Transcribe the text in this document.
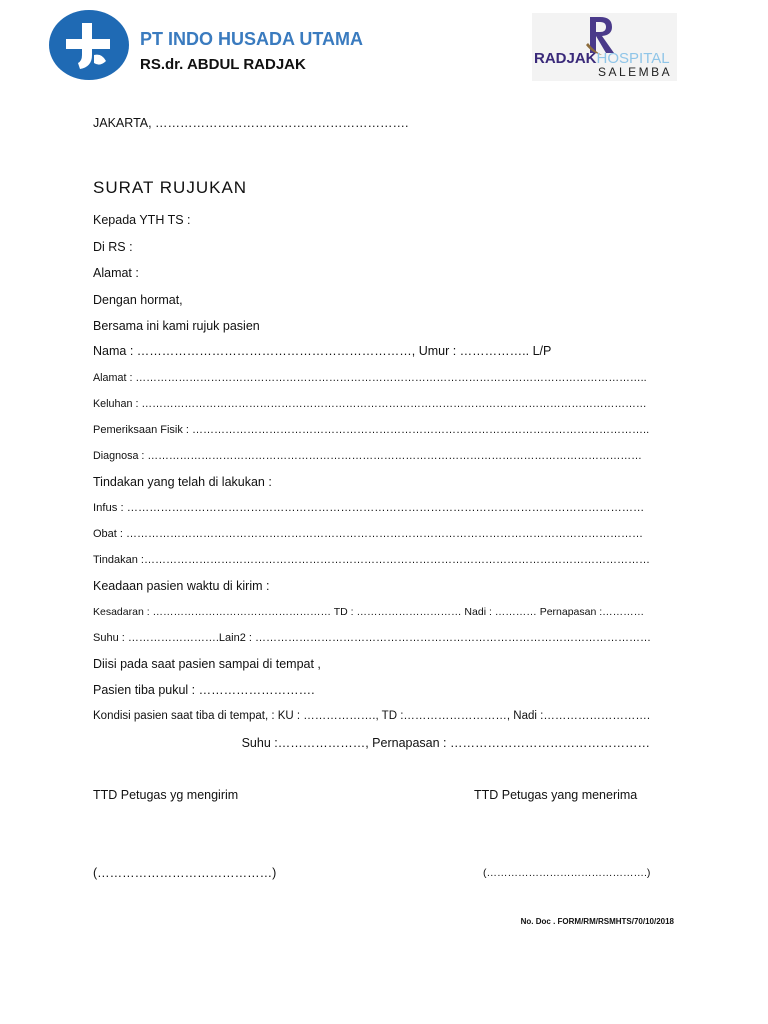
PT INDO HUSADA UTAMA
RS.dr. ABDUL RADJAK	RADJAKHOSPITAL
SALEMBA
JAKARTA, …………………………………………………….
SURAT RUJUKAN
Kepada YTH TS :
Di RS :
Alamat :
Dengan hormat,
Bersama ini kami rujuk pasien
Nama : …………………………………………………………, Umur : …………….. L/P
Alamat : ……………………………………………………………………………………………………………………………..
Keluhan : ……………………………………………………………………………………………………………………………
Pemeriksaan Fisik : ……………………………………………………………………………………………………………..
Diagnosa : …………………………………………………………………………………………………………………………
Tindakan yang telah di lakukan :
Infus : …………………………………………………………………………………………………………………………
Obat : ……………………………………………………………………………………………………………………………
Tindakan :…………………………………………………………………………………………………………………………
Keadaan pasien waktu di kirim :
Kesadaran : …………………………………………… TD : ………………………… Nadi : ………… Pernapasan :…………
Suhu : …………………….Lain2 : ………………………………………………………………………………………………
Diisi pada saat pasien sampai di tempat ,
Pasien tiba pukul : ……………………….
Kondisi pasien saat tiba di tempat, : KU : ………………., TD :………………………, Nadi :……………………….
Suhu :…………………, Pernapasan : …………………………………………
TTD Petugas yg mengirim	TTD Petugas yang menerima
(……………………………………)	(……………………………………….)
No. Doc . FORM/RM/RSMHTS/70/10/2018
